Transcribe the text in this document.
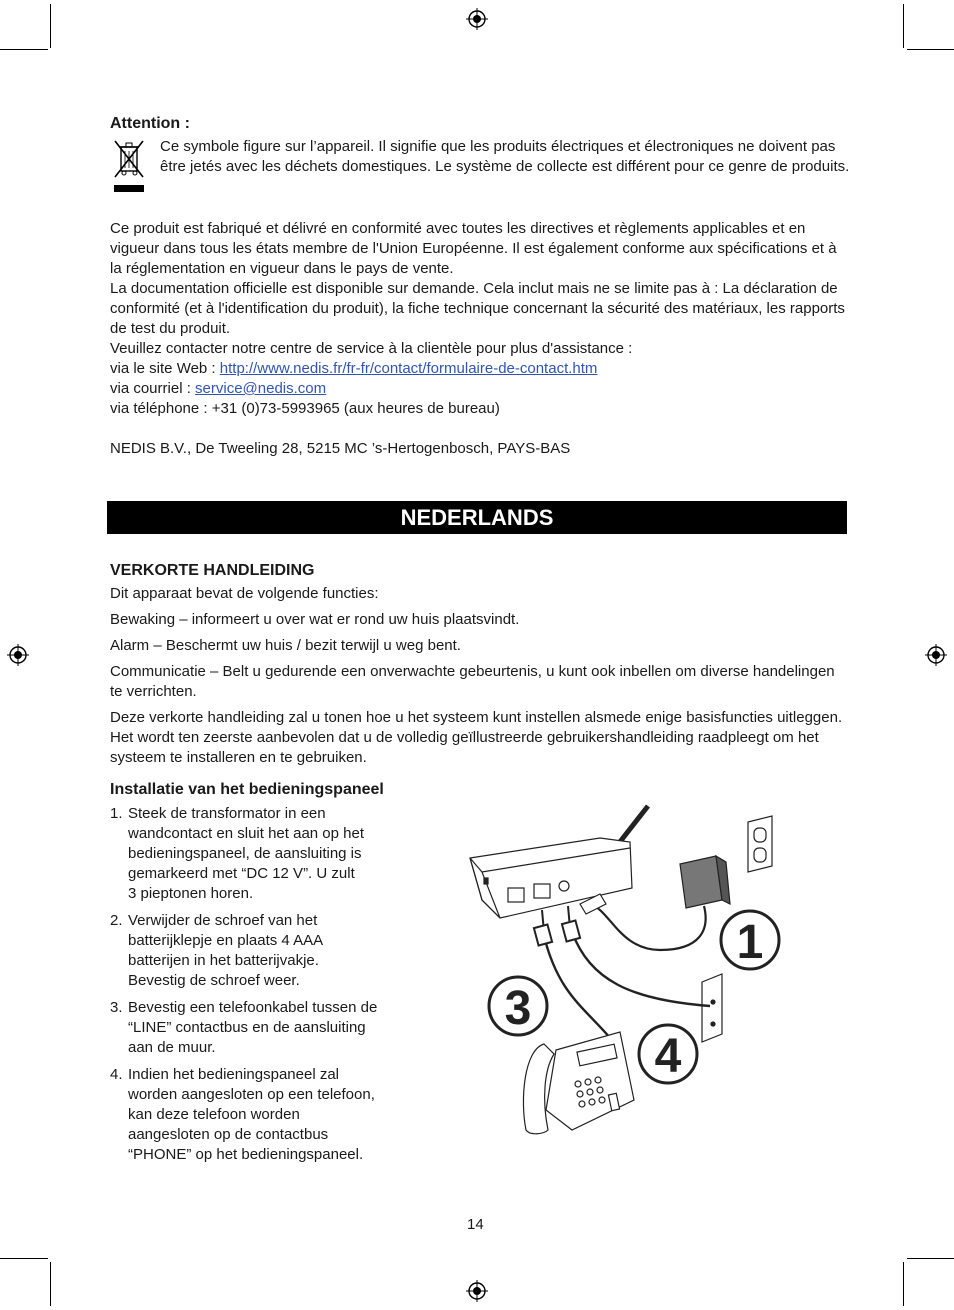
Attention :

Ce symbole figure sur l’appareil. Il signifie que les produits électriques et électroniques ne doivent pas être jetés avec les déchets domestiques. Le système de collecte est différent pour ce genre de produits.

Ce produit est fabriqué et délivré en conformité avec toutes les directives et règlements applicables et en vigueur dans tous les états membre de l'Union Européenne. Il est également conforme aux spécifications et à la réglementation en vigueur dans le pays de vente.

La documentation officielle est disponible sur demande. Cela inclut mais ne se limite pas à : La déclaration de conformité (et à l'identification du produit), la fiche technique concernant la sécurité des matériaux, les rapports de test du produit.

Veuillez contacter notre centre de service à la clientèle pour plus d'assistance :

via le site Web : http://www.nedis.fr/fr-fr/contact/formulaire-de-contact.htm

via courriel : service@nedis.com

via téléphone : +31 (0)73-5993965 (aux heures de bureau)

NEDIS B.V., De Tweeling 28, 5215 MC ’s-Hertogenbosch, PAYS-BAS

NEDERLANDS
VERKORTE HANDLEIDING

Dit apparaat bevat de volgende functies:

Bewaking – informeert u over wat er rond uw huis plaatsvindt.

Alarm – Beschermt uw huis / bezit terwijl u weg bent.

Communicatie – Belt u gedurende een onverwachte gebeurtenis, u kunt ook inbellen om diverse handelingen te verrichten.

Deze verkorte handleiding zal u tonen hoe u het systeem kunt instellen alsmede enige basisfuncties uitleggen. Het wordt ten zeerste aanbevolen dat u de volledig geïllustreerde gebruikershandleiding raadpleegt om het systeem te installeren en te gebruiken.

Installatie van het bedieningspaneel
1. Steek de transformator in een
wandcontact en sluit het aan op het
bedieningspaneel, de aansluiting is
gemarkeerd met “DC 12 V”. U zult
3 pieptonen horen.
2. Verwijder de schroef van het
batterijklepje en plaats 4 AAA
batterijen in het batterijvakje.
Bevestig de schroef weer.
3. Bevestig een telefoonkabel tussen de
“LINE” contactbus en de aansluiting
aan de muur.
4. Indien het bedieningspaneel zal
worden aangesloten op een telefoon,
kan deze telefoon worden
aangesloten op de contactbus
“PHONE” op het bedieningspaneel.
1
3
4
14
